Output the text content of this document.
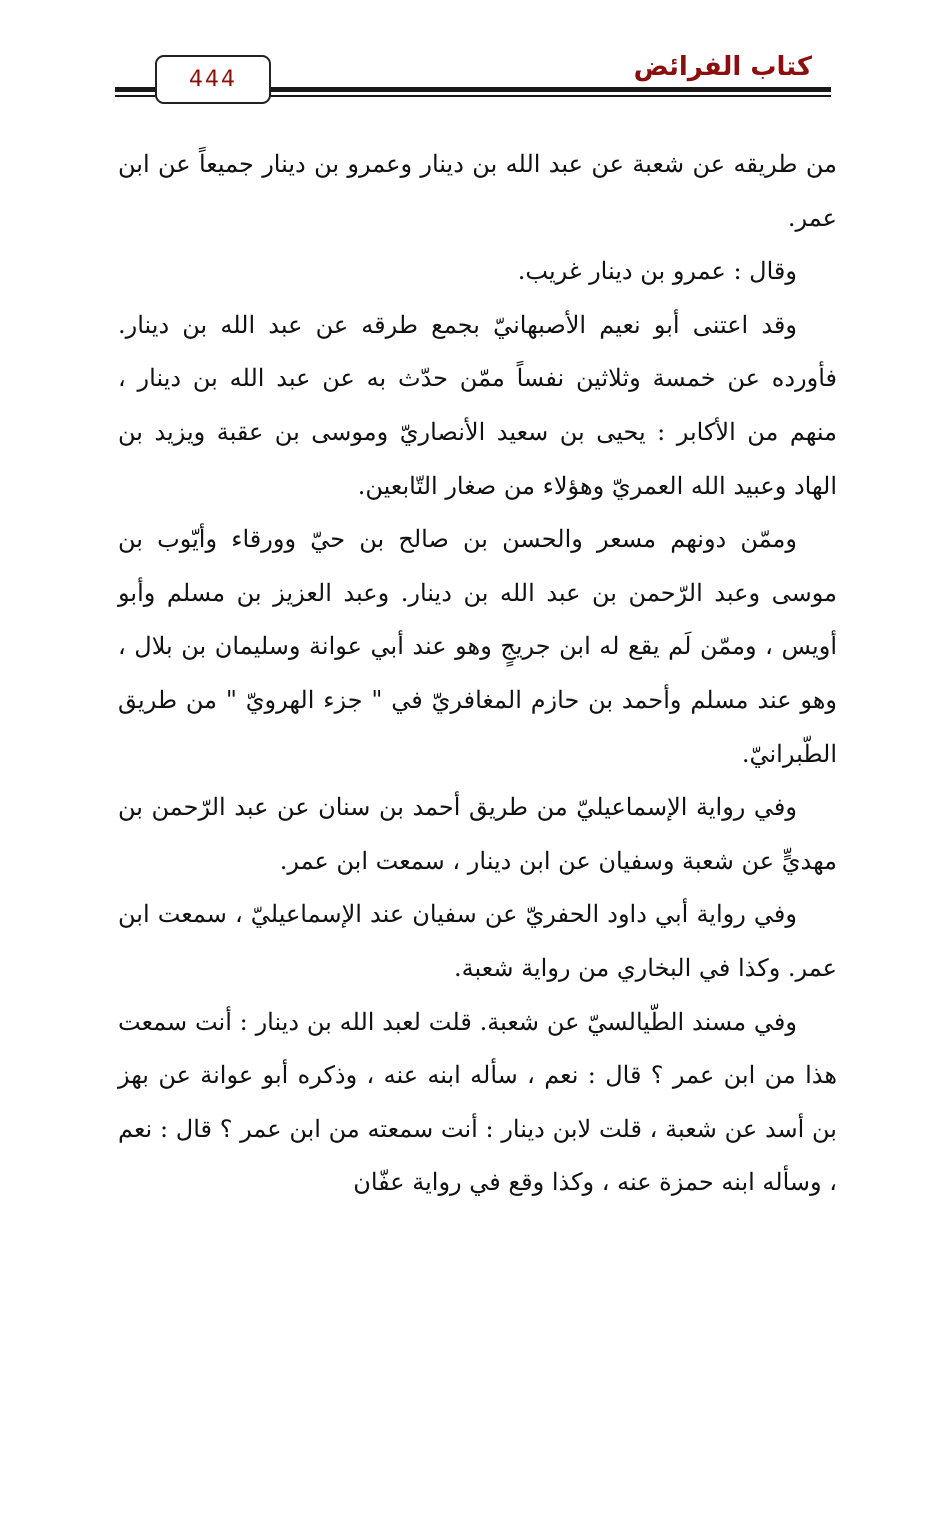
كتاب الفرائض
444

من طريقه عن شعبة عن عبد الله بن دينار وعمرو بن دينار جميعاً عن ابن عمر.

وقال : عمرو بن دينار غريب.

وقد اعتنى أبو نعيم الأصبهانيّ بجمع طرقه عن عبد الله بن دينار. فأورده عن خمسة وثلاثين نفساً ممّن حدّث به عن عبد الله بن دينار ، منهم من الأكابر : يحيى بن سعيد الأنصاريّ وموسى بن عقبة ويزيد بن الهاد وعبيد الله العمريّ وهؤلاء من صغار التّابعين.

وممّن دونهم مسعر والحسن بن صالح بن حيّ وورقاء وأيّوب بن موسى وعبد الرّحمن بن عبد الله بن دينار. وعبد العزيز بن مسلم وأبو أويس ، وممّن لَم يقع له ابن جريجٍ وهو عند أبي عوانة وسليمان بن بلال ، وهو عند مسلم وأحمد بن حازم المغافريّ في " جزء الهرويّ " من طريق الطّبرانيّ.

وفي رواية الإسماعيليّ من طريق أحمد بن سنان عن عبد الرّحمن بن مهديٍّ عن شعبة وسفيان عن ابن دينار ، سمعت ابن عمر.

وفي رواية أبي داود الحفريّ عن سفيان عند الإسماعيليّ ، سمعت ابن عمر. وكذا في البخاري من رواية شعبة.

وفي مسند الطّيالسيّ عن شعبة. قلت لعبد الله بن دينار : أنت سمعت هذا من ابن عمر ؟ قال : نعم ، سأله ابنه عنه ، وذكره أبو عوانة عن بهز بن أسد عن شعبة ، قلت لابن دينار : أنت سمعته من ابن عمر ؟ قال : نعم ، وسأله ابنه حمزة عنه ، وكذا وقع في رواية عفّان
